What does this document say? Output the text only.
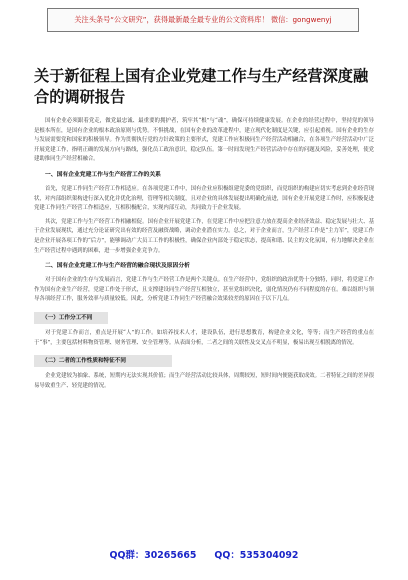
关注头条号“公文研究”，获得最新最全最专业的公文资料库！ 微信：gongwenyj
关于新征程上国有企业党建工作与生产经营深度融合的调研报告

国有企业必须跟着党走，做党最忠诚、最重要的拥护者，筑牢其“根”与“魂”，确保可持续健康发展。在企业的经营过程中，坚持党的领导是根本所在，是国有企业的根本政治原则与优势。不惧挑战，在国有企业的改革进程中，建立现代化制度是关键，应引起重视。国有企业的生存与发展需要党和国家的积极领导。作为贯彻执行党的方针政策的主要形式，党建工作应积极同生产经营活动相融合，在各项生产经营活动中广泛开展党建工作，指明正确的发展方向与路线，强化员工政治意识，稳定队伍。第一时间发现生产经营活动中存在的问题及风险，妥善处理，使党建助推同生产经营相融合。

一、国有企业党建工作与生产经营工作的关系

首先，党建工作同生产经营工作相适应。在各项党建工作中，国有企业应积极组建党委的党组织，而党组织的构建应切实考虑到企业经营现状，对内部组织架构进行深入优化并优化治理，管理等相关制度，且对企业的具体发展提出明确化前进，国有企业开展党建工作时，应积极促进党建工作同生产经营工作相适应，互相积极配合，实现内部互动，共同致力于企业发展。

其次，党建工作与生产经营工作相融相促。国有企业开展党建工作，在党建工作中应把注意力放在提高企业经济效益、稳定发展与壮大、基于企业发展现状，通过充分论证研究出有效的经营及融资战略，调动企业潜在实力。总之，对于企业而言，生产经营工作是“主力军”，党建工作是企业开展各项工作的“后方”，能够调动广大员工工作的积极性，确保企业内部处于稳定状态，提高和谐、民主的文化氛围，有力地解决企业在生产经营过程中遇到的困难，进一步增强企业竞争力。

二、国有企业党建工作与生产经营的融合现状及原因分析

对于国有企业的生存与发展而言，党建工作与生产经营工作是两个关键点。在生产经营中，党组织的政治优势十分独特，同时，将党建工作作为国有企业生产经营，党建工作处于形式，且支撑建设同生产经营互相独立，甚至党组织决化，弱化情况仍有不同程度的存在。难以组织与领导各项经营工作，服务效率与质量较低。因此，分析党建工作同生产经营融合效果较差的原因在于以下几点。

（一）工作分工不同

对于党建工作而言，重点是开展“人”的工作。如培养技术人才，建设队伍，进行思想教育，构建企业文化，等等；而生产经营的重点在于“事”，主要包括材料物资管理、财务管理、安全管理等。从表面分析，二者之间的关联性及交叉点不明显，极易出现互相脱离的情况。

（二）二者的工作性质和特征不同

企业党建较为抽象、系统，短期内无法实现其价值；而生产经营活动比较具体，周期较短，短时间内便能获取成效。二者特征之间的差异很易导致重生产、轻党建的情况。

QQ群：30265665 QQ：535304092
